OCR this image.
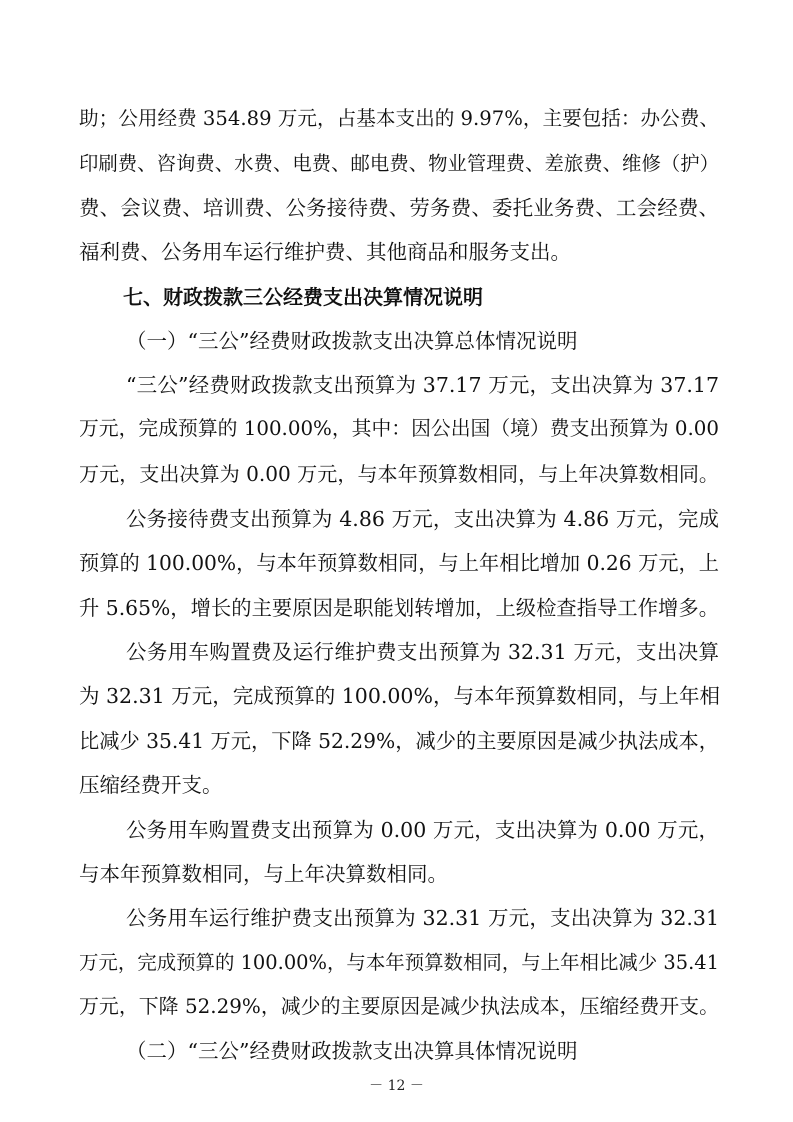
助；公用经费 354.89 万元，占基本支出的 9.97%，主要包括：办公费、
印刷费、咨询费、水费、电费、邮电费、物业管理费、差旅费、维修（护）
费、会议费、培训费、公务接待费、劳务费、委托业务费、工会经费、
福利费、公务用车运行维护费、其他商品和服务支出。
七、财政拨款三公经费支出决算情况说明
（一）“三公”经费财政拨款支出决算总体情况说明
“三公”经费财政拨款支出预算为 37.17 万元，支出决算为 37.17
万元，完成预算的 100.00%，其中：因公出国（境）费支出预算为 0.00
万元，支出决算为 0.00 万元，与本年预算数相同，与上年决算数相同。
公务接待费支出预算为 4.86 万元，支出决算为 4.86 万元，完成
预算的 100.00%，与本年预算数相同，与上年相比增加 0.26 万元，上
升 5.65%，增长的主要原因是职能划转增加，上级检查指导工作增多。
公务用车购置费及运行维护费支出预算为 32.31 万元，支出决算
为 32.31 万元，完成预算的 100.00%，与本年预算数相同，与上年相
比减少 35.41 万元，下降 52.29%，减少的主要原因是减少执法成本，
压缩经费开支。
公务用车购置费支出预算为 0.00 万元，支出决算为 0.00 万元，
与本年预算数相同，与上年决算数相同。
公务用车运行维护费支出预算为 32.31 万元，支出决算为 32.31
万元，完成预算的 100.00%，与本年预算数相同，与上年相比减少 35.41
万元，下降 52.29%，减少的主要原因是减少执法成本，压缩经费开支。
（二）“三公”经费财政拨款支出决算具体情况说明
－ 12 －
